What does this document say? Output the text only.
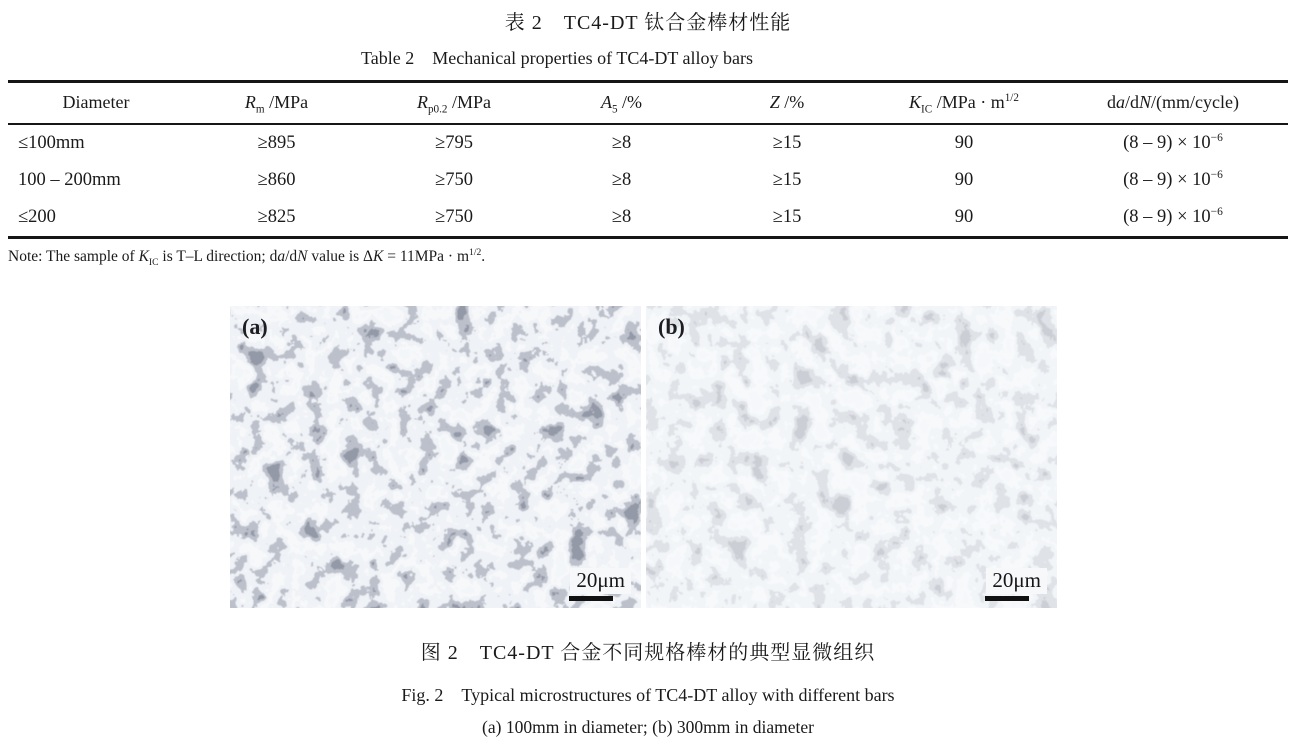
表 2　TC4-DT 钛合金棒材性能
Table 2　Mechanical properties of TC4-DT alloy bars
Diameter	$R_m$ /MPa	$R_{p0.2}$ /MPa	$A_5$ /%	Z /%	$K_{IC}$ $/MPa \cdot m^{1/2}$	da/dN/(mm/cycle)
≤100mm	≥895	≥795	≥8	≥15	90	$(8 - 9) \times 10^{-6}$
100 – 200mm	≥860	≥750	≥8	≥15	90	$(8 - 9) \times 10^{-6}$
≤200	≥825	≥750	≥8	≥15	90	$(8 - 9) \times 10^{-6}$
Note: The sample of $K_{IC}$ is T–L direction; da/dN value is $\Delta K = 11MPa \cdot m^{1/2}$.
(a)
20μm
(b)
20μm
图 2　TC4-DT 合金不同规格棒材的典型显微组织
Fig. 2　Typical microstructures of TC4-DT alloy with different bars
(a) 100mm in diameter; (b) 300mm in diameter
